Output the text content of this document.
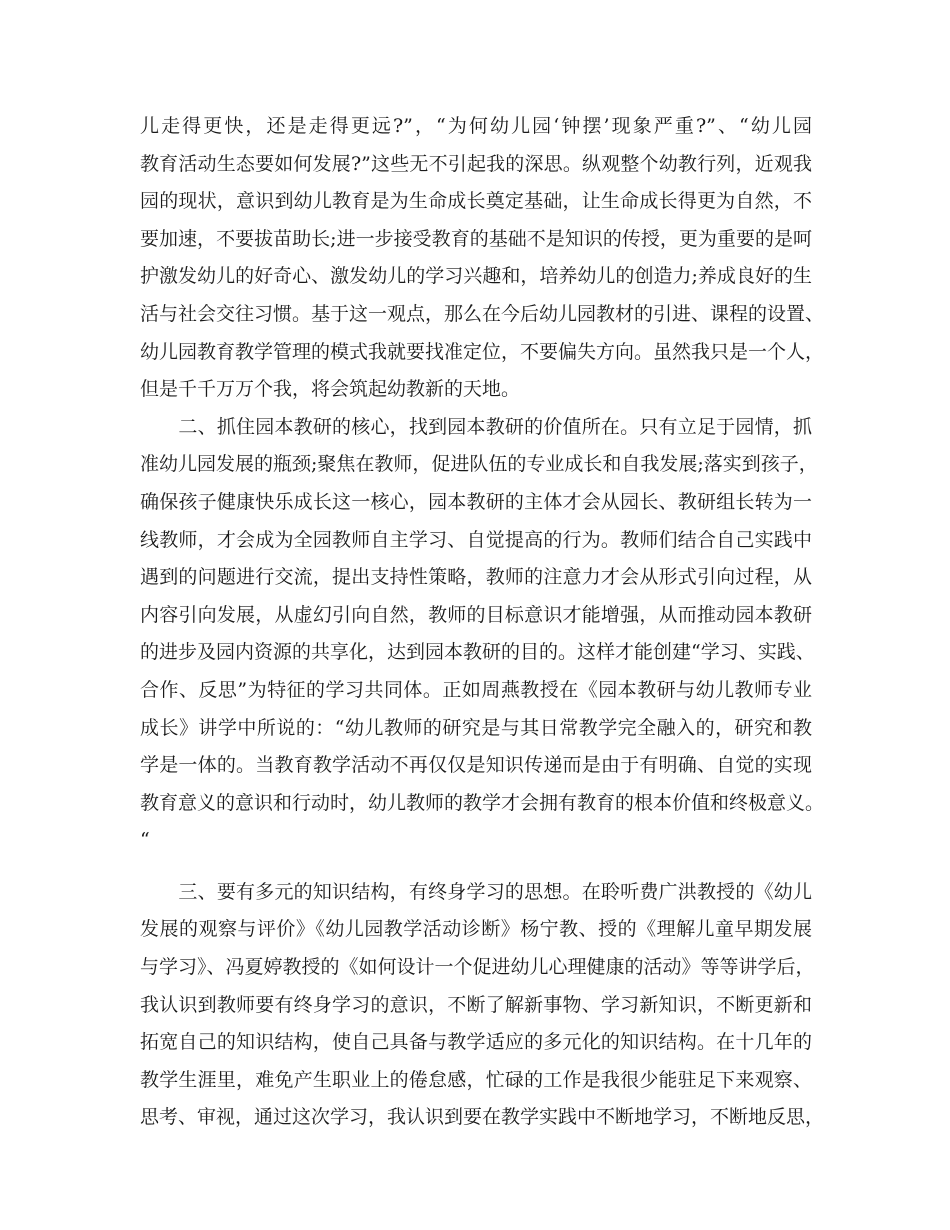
儿走得更快，还是走得更远?”，“为何幼儿园‘钟摆’现象严重?”、“幼儿园
教育活动生态要如何发展?”这些无不引起我的深思。纵观整个幼教行列，近观我
园的现状，意识到幼儿教育是为生命成长奠定基础，让生命成长得更为自然，不
要加速，不要拔苗助长;进一步接受教育的基础不是知识的传授，更为重要的是呵
护激发幼儿的好奇心、激发幼儿的学习兴趣和，培养幼儿的创造力;养成良好的生
活与社会交往习惯。基于这一观点，那么在今后幼儿园教材的引进、课程的设置、
幼儿园教育教学管理的模式我就要找准定位，不要偏失方向。虽然我只是一个人，
但是千千万万个我，将会筑起幼教新的天地。
　　二、抓住园本教研的核心，找到园本教研的价值所在。只有立足于园情，抓
准幼儿园发展的瓶颈;聚焦在教师，促进队伍的专业成长和自我发展;落实到孩子，
确保孩子健康快乐成长这一核心，园本教研的主体才会从园长、教研组长转为一
线教师，才会成为全园教师自主学习、自觉提高的行为。教师们结合自己实践中
遇到的问题进行交流，提出支持性策略，教师的注意力才会从形式引向过程，从
内容引向发展，从虚幻引向自然，教师的目标意识才能增强，从而推动园本教研
的进步及园内资源的共享化，达到园本教研的目的。这样才能创建“学习、实践、
合作、反思”为特征的学习共同体。正如周燕教授在《园本教研与幼儿教师专业
成长》讲学中所说的：“幼儿教师的研究是与其日常教学完全融入的，研究和教
学是一体的。当教育教学活动不再仅仅是知识传递而是由于有明确、自觉的实现
教育意义的意识和行动时，幼儿教师的教学才会拥有教育的根本价值和终极意义。
“
　　三、要有多元的知识结构，有终身学习的思想。在聆听费广洪教授的《幼儿
发展的观察与评价》《幼儿园教学活动诊断》杨宁教、授的《理解儿童早期发展
与学习》、冯夏婷教授的《如何设计一个促进幼儿心理健康的活动》等等讲学后，
我认识到教师要有终身学习的意识，不断了解新事物、学习新知识，不断更新和
拓宽自己的知识结构，使自己具备与教学适应的多元化的知识结构。在十几年的
教学生涯里，难免产生职业上的倦怠感，忙碌的工作是我很少能驻足下来观察、
思考、审视，通过这次学习，我认识到要在教学实践中不断地学习，不断地反思，
